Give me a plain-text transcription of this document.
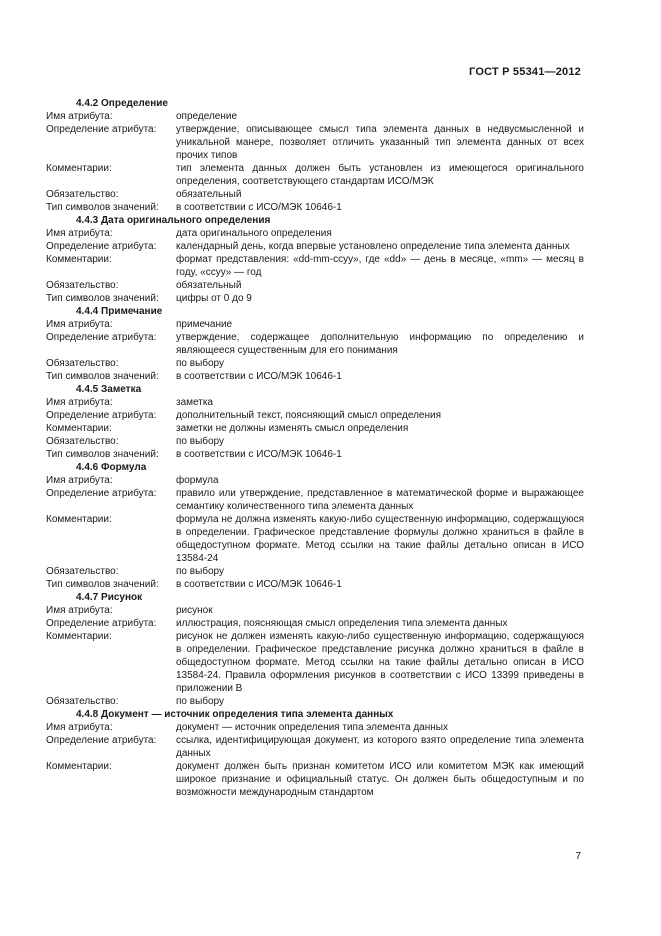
ГОСТ Р 55341—2012
4.4.2 Определение
Имя атрибута:	определение
Определение атрибута:	утверждение, описывающее смысл типа элемента данных в недвусмысленной и уникальной манере, позволяет отличить указанный тип элемента данных от всех прочих типов
Комментарии:	тип элемента данных должен быть установлен из имеющегося оригинального определения, соответствующего стандартам ИСО/МЭК
Обязательство:	обязательный
Тип символов значений:	в соответствии с ИСО/МЭК 10646-1
4.4.3 Дата оригинального определения
Имя атрибута:	дата оригинального определения
Определение атрибута:	календарный день, когда впервые установлено определение типа элемента данных
Комментарии:	формат представления: «dd-mm-ccyy», где «dd» — день в месяце, «mm» — месяц в году, «ccyy» — год
Обязательство:	обязательный
Тип символов значений:	цифры от 0 до 9
4.4.4 Примечание
Имя атрибута:	примечание
Определение атрибута:	утверждение, содержащее дополнительную информацию по определению и являющееся существенным для его понимания
Обязательство:	по выбору
Тип символов значений:	в соответствии с ИСО/МЭК 10646-1
4.4.5 Заметка
Имя атрибута:	заметка
Определение атрибута:	дополнительный текст, поясняющий смысл определения
Комментарии:	заметки не должны изменять смысл определения
Обязательство:	по выбору
Тип символов значений:	в соответствии с ИСО/МЭК 10646-1
4.4.6 Формула
Имя атрибута:	формула
Определение атрибута:	правило или утверждение, представленное в математической форме и выражающее семантику количественного типа элемента данных
Комментарии:	формула не должна изменять какую-либо существенную информацию, содержащуюся в определении. Графическое представление формулы должно храниться в файле в общедоступном формате. Метод ссылки на такие файлы детально описан в ИСО 13584-24
Обязательство:	по выбору
Тип символов значений:	в соответствии с ИСО/МЭК 10646-1
4.4.7 Рисунок
Имя атрибута:	рисунок
Определение атрибута:	иллюстрация, поясняющая смысл определения типа элемента данных
Комментарии:	рисунок не должен изменять какую-либо существенную информацию, содержащуюся в определении. Графическое представление рисунка должно храниться в файле в общедоступном формате. Метод ссылки на такие файлы детально описан в ИСО 13584-24. Правила оформления рисунков в соответствии с ИСО 13399 приведены в приложении В
Обязательство:	по выбору
4.4.8 Документ — источник определения типа элемента данных
Имя атрибута:	документ — источник определения типа элемента данных
Определение атрибута:	ссылка, идентифицирующая документ, из которого взято определение типа элемента данных
Комментарии:	документ должен быть признан комитетом ИСО или комитетом МЭК как имеющий широкое признание и официальный статус. Он должен быть общедоступным и по возможности международным стандартом
7
